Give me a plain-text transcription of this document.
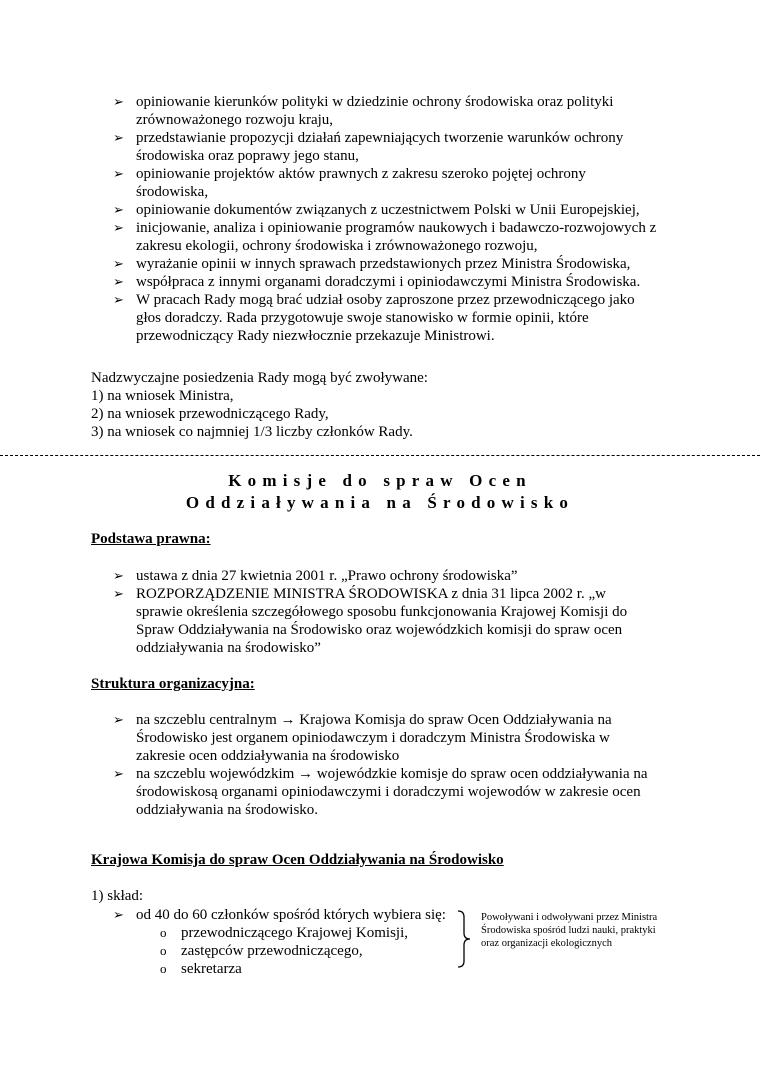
➢ opiniowanie kierunków polityki w dziedzinie ochrony środowiska oraz polityki
zrównoważonego rozwoju kraju,
➢ przedstawianie propozycji działań zapewniających tworzenie warunków ochrony
środowiska oraz poprawy jego stanu,
➢ opiniowanie projektów aktów prawnych z zakresu szeroko pojętej ochrony
środowiska,
➢ opiniowanie dokumentów związanych z uczestnictwem Polski w Unii Europejskiej,
➢ inicjowanie, analiza i opiniowanie programów naukowych i badawczo-rozwojowych z
zakresu ekologii, ochrony środowiska i zrównoważonego rozwoju,
➢ wyrażanie opinii w innych sprawach przedstawionych przez Ministra Środowiska,
➢ współpraca z innymi organami doradczymi i opiniodawczymi Ministra Środowiska.
➢ W pracach Rady mogą brać udział osoby zaproszone przez przewodniczącego jako
głos doradczy. Rada przygotowuje swoje stanowisko w formie opinii, które
przewodniczący Rady niezwłocznie przekazuje Ministrowi.
Nadzwyczajne posiedzenia Rady mogą być zwoływane:
1) na wniosek Ministra,
2) na wniosek przewodniczącego Rady,
3) na wniosek co najmniej 1/3 liczby członków Rady.
Komisje do spraw Ocen
Oddziaływania na Środowisko
Podstawa prawna:
➢ ustawa z dnia 27 kwietnia 2001 r. „Prawo ochrony środowiska”
➢ ROZPORZĄDZENIE MINISTRA ŚRODOWISKA z dnia 31 lipca 2002 r. „w
sprawie określenia szczegółowego sposobu funkcjonowania Krajowej Komisji do
Spraw Oddziaływania na Środowisko oraz wojewódzkich komisji do spraw ocen
oddziaływania na środowisko”
Struktura organizacyjna:
➢ na szczeblu centralnym → Krajowa Komisja do spraw Ocen Oddziaływania na
Środowisko jest organem opiniodawczym i doradczym Ministra Środowiska w
zakresie ocen oddziaływania na środowisko
➢ na szczeblu wojewódzkim → wojewódzkie komisje do spraw ocen oddziaływania na
środowiskosą organami opiniodawczymi i doradczymi wojewodów w zakresie ocen
oddziaływania na środowisko.
Krajowa Komisja do spraw Ocen Oddziaływania na Środowisko
1) skład:
➢ od 40 do 60 członków spośród których wybiera się:
o przewodniczącego Krajowej Komisji,
o zastępców przewodniczącego,
o sekretarza
Powoływani i odwoływani przez Ministra
Środowiska spośród ludzi nauki, praktyki
oraz organizacji ekologicznych
